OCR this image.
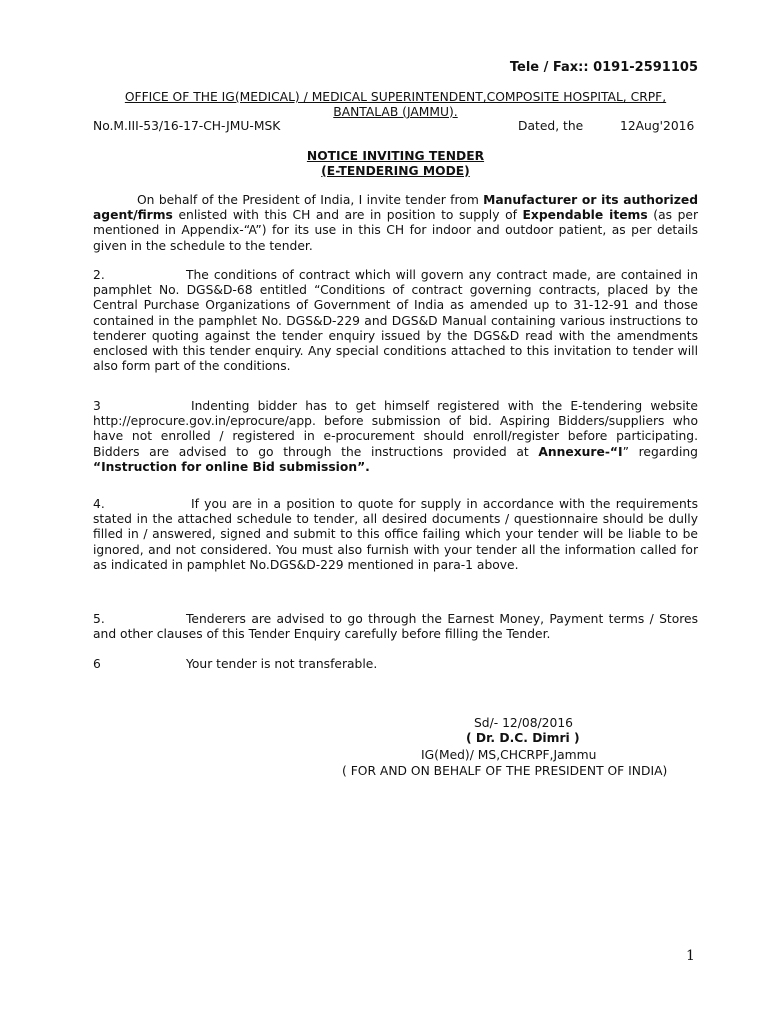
Tele / Fax:: 0191-2591105
OFFICE OF THE IG(MEDICAL) / MEDICAL SUPERINTENDENT,COMPOSITE HOSPITAL, CRPF,
BANTALAB (JAMMU).
No.M.III-53/16-17-CH-JMU-MSK	Dated, the	12Aug'2016
NOTICE INVITING TENDER
(E-TENDERING MODE)
On behalf of the President of India, I invite tender from Manufacturer or its authorized agent/firms enlisted with this CH and are in position to supply of Expendable items (as per mentioned in Appendix-“A”) for its use in this CH for indoor and outdoor patient, as per details given in the schedule to the tender.
2.	The conditions of contract which will govern any contract made, are contained in pamphlet No. DGS&D-68 entitled “Conditions of contract governing contracts, placed by the Central Purchase Organizations of Government of India as amended up to 31-12-91 and those contained in the pamphlet No. DGS&D-229 and DGS&D Manual containing various instructions to tenderer quoting against the tender enquiry issued by the DGS&D read with the amendments enclosed with this tender enquiry. Any special conditions attached to this invitation to tender will also form part of the conditions.
3	Indenting bidder has to get himself registered with the E-tendering website http://eprocure.gov.in/eprocure/app. before submission of bid. Aspiring Bidders/suppliers who have not enrolled / registered in e-procurement should enroll/register before participating. Bidders are advised to go through the instructions provided at Annexure-“I” regarding “Instruction for online Bid submission”.
4.	If you are in a position to quote for supply in accordance with the requirements stated in the attached schedule to tender, all desired documents / questionnaire should be dully filled in / answered, signed and submit to this office failing which your tender will be liable to be ignored, and not considered. You must also furnish with your tender all the information called for as indicated in pamphlet No.DGS&D-229 mentioned in para-1 above.
5.	Tenderers are advised to go through the Earnest Money, Payment terms / Stores and other clauses of this Tender Enquiry carefully before filling the Tender.
6	Your tender is not transferable.
Sd/- 12/08/2016
( Dr. D.C. Dimri )
IG(Med)/ MS,CHCRPF,Jammu
( FOR AND ON BEHALF OF THE PRESIDENT OF INDIA)
1
